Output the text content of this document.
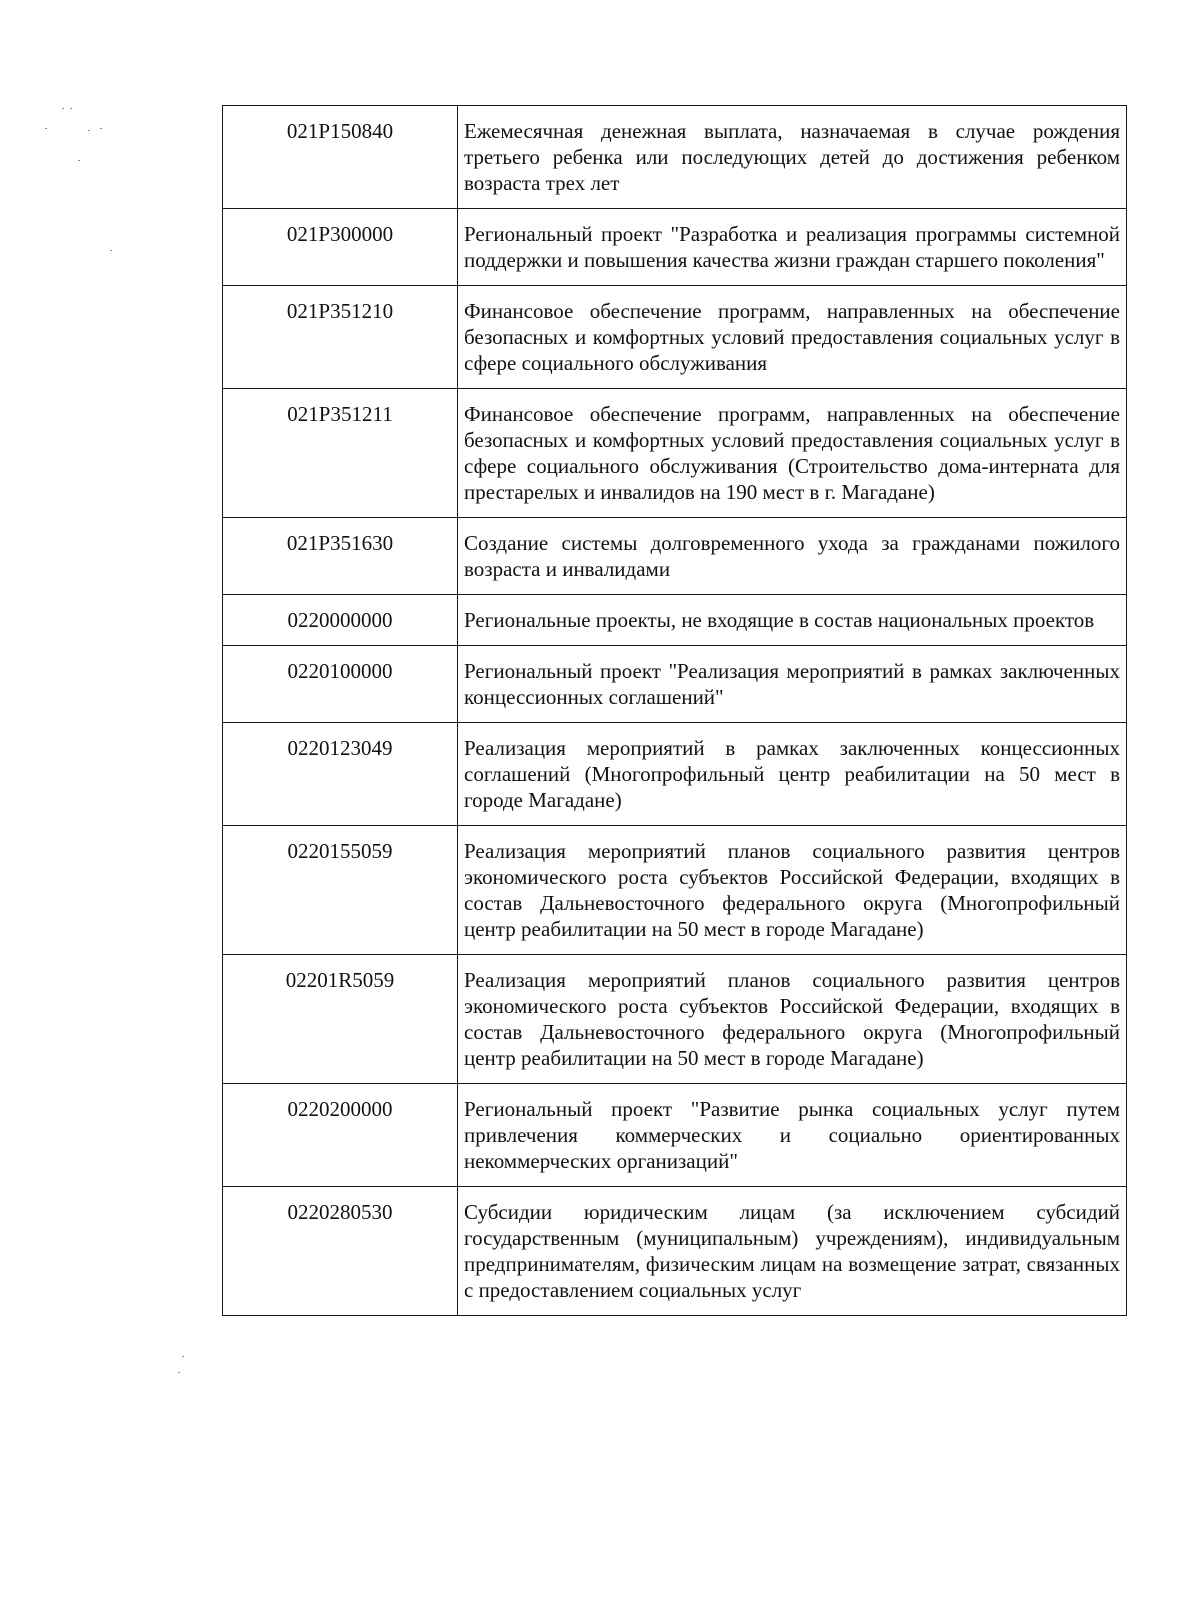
021P150840	Ежемесячная денежная выплата, назначаемая в случае рождения третьего ребенка или последующих детей до достижения ребенком возраста трех лет
021P300000	Региональный проект "Разработка и реализация программы системной поддержки и повышения качества жизни граждан старшего поколения"
021P351210	Финансовое обеспечение программ, направленных на обеспечение безопасных и комфортных условий предоставления социальных услуг в сфере социального обслуживания
021P351211	Финансовое обеспечение программ, направленных на обеспечение безопасных и комфортных условий предоставления социальных услуг в сфере социального обслуживания (Строительство дома-интерната для престарелых и инвалидов на 190 мест в г. Магадане)
021P351630	Создание системы долговременного ухода за гражданами пожилого возраста и инвалидами
0220000000	Региональные проекты, не входящие в состав национальных проектов
0220100000	Региональный проект "Реализация мероприятий в рамках заключенных концессионных соглашений"
0220123049	Реализация мероприятий в рамках заключенных концессионных соглашений (Многопрофильный центр реабилитации на 50 мест в городе Магадане)
0220155059	Реализация мероприятий планов социального развития центров экономического роста субъектов Российской Федерации, входящих в состав Дальневосточного федерального округа (Многопрофильный центр реабилитации на 50 мест в городе Магадане)
02201R5059	Реализация мероприятий планов социального развития центров экономического роста субъектов Российской Федерации, входящих в состав Дальневосточного федерального округа (Многопрофильный центр реабилитации на 50 мест в городе Магадане)
0220200000	Региональный проект "Развитие рынка социальных услуг путем привлечения коммерческих и социально ориентированных некоммерческих организаций"
0220280530	Субсидии юридическим лицам (за исключением субсидий государственным (муниципальным) учреждениям), индивидуальным предпринимателям, физическим лицам на возмещение затрат, связанных с предоставлением социальных услуг
